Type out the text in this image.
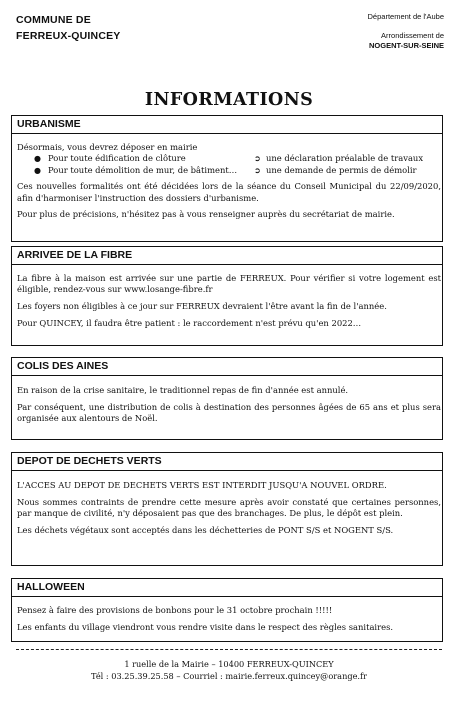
COMMUNE DE
FERREUX-QUINCEY
Département de l'Aube
Arrondissement de
NOGENT-SUR-SEINE
INFORMATIONS
URBANISME

Désormais, vous devrez déposer en mairie

● Pour toute édification de clôture	➲ une déclaration préalable de travaux
● Pour toute démolition de mur, de bâtiment…	➲ une demande de permis de démolir

Ces nouvelles formalités ont été décidées lors de la séance du Conseil Municipal du 22/09/2020, afin d'harmoniser l'instruction des dossiers d'urbanisme.

Pour plus de précisions, n'hésitez pas à vous renseigner auprès du secrétariat de mairie.

ARRIVEE DE LA FIBRE

La fibre à la maison est arrivée sur une partie de FERREUX. Pour vérifier si votre logement est éligible, rendez-vous sur www.losange-fibre.fr

Les foyers non éligibles à ce jour sur FERREUX devraient l'être avant la fin de l'année.

Pour QUINCEY, il faudra être patient : le raccordement n'est prévu qu'en 2022…

COLIS DES AINES

En raison de la crise sanitaire, le traditionnel repas de fin d'année est annulé.

Par conséquent, une distribution de colis à destination des personnes âgées de 65 ans et plus sera organisée aux alentours de Noël.

DEPOT DE DECHETS VERTS

L'ACCES AU DEPOT DE DECHETS VERTS EST INTERDIT JUSQU'A NOUVEL ORDRE.

Nous sommes contraints de prendre cette mesure après avoir constaté que certaines personnes, par manque de civilité, n'y déposaient pas que des branchages. De plus, le dépôt est plein.

Les déchets végétaux sont acceptés dans les déchetteries de PONT S/S et NOGENT S/S.

HALLOWEEN

Pensez à faire des provisions de bonbons pour le 31 octobre prochain !!!!!

Les enfants du village viendront vous rendre visite dans le respect des règles sanitaires.

1 ruelle de la Mairie – 10400 FERREUX-QUINCEY
Tél : 03.25.39.25.58 – Courriel : mairie.ferreux.quincey@orange.fr
